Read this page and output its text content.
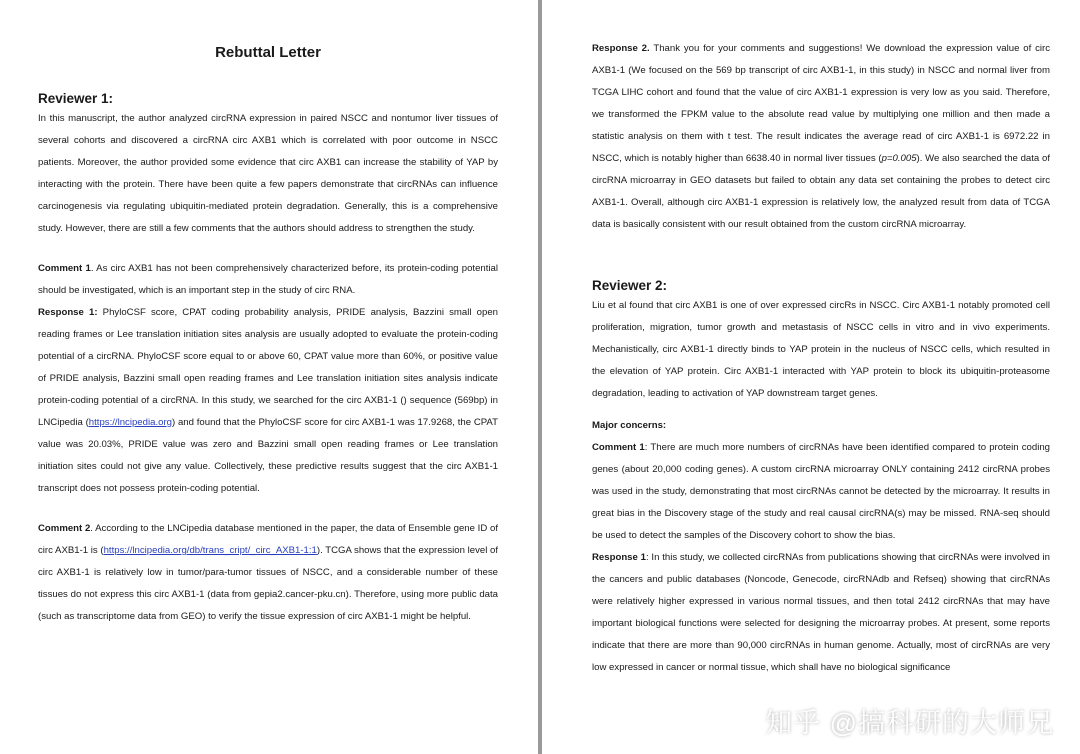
Rebuttal Letter
Reviewer 1:

In this manuscript, the author analyzed circRNA expression in paired NSCC and nontumor liver tissues of several cohorts and discovered a circRNA circ AXB1 which is correlated with poor outcome in NSCC patients. Moreover, the author provided some evidence that circ AXB1 can increase the stability of YAP by interacting with the protein. There have been quite a few papers demonstrate that circRNAs can influence carcinogenesis via regulating ubiquitin-mediated protein degradation. Generally, this is a comprehensive study. However, there are still a few comments that the authors should address to strengthen the study.

Comment 1. As circ AXB1 has not been comprehensively characterized before, its protein-coding potential should be investigated, which is an important step in the study of circ RNA.

Response 1: PhyloCSF score, CPAT coding probability analysis, PRIDE analysis, Bazzini small open reading frames or Lee translation initiation sites analysis are usually adopted to evaluate the protein-coding potential of a circRNA. PhyloCSF score equal to or above 60, CPAT value more than 60%, or positive value of PRIDE analysis, Bazzini small open reading frames and Lee translation initiation sites analysis indicate protein-coding potential of a circRNA. In this study, we searched for the circ AXB1-1 () sequence (569bp) in LNCipedia (https://lncipedia.org) and found that the PhyloCSF score for circ AXB1-1 was 17.9268, the CPAT value was 20.03%, PRIDE value was zero and Bazzini small open reading frames or Lee translation initiation sites could not give any value. Collectively, these predictive results suggest that the circ AXB1-1 transcript does not possess protein-coding potential.

Comment 2. According to the LNCipedia database mentioned in the paper, the data of Ensemble gene ID of circ AXB1-1 is (https://lncipedia.org/db/trans_cript/_circ_AXB1-1:1). TCGA shows that the expression level of circ AXB1-1 is relatively low in tumor/para-tumor tissues of NSCC, and a considerable number of these tissues do not express this circ AXB1-1 (data from gepia2.cancer-pku.cn). Therefore, using more public data (such as transcriptome data from GEO) to verify the tissue expression of circ AXB1-1 might be helpful.

Response 2. Thank you for your comments and suggestions! We download the expression value of circ AXB1-1 (We focused on the 569 bp transcript of circ AXB1-1, in this study) in NSCC and normal liver from TCGA LIHC cohort and found that the value of circ AXB1-1 expression is very low as you said. Therefore, we transformed the FPKM value to the absolute read value by multiplying one million and then made a statistic analysis on them with t test. The result indicates the average read of circ AXB1-1 is 6972.22 in NSCC, which is notably higher than 6638.40 in normal liver tissues (p=0.005). We also searched the data of circRNA microarray in GEO datasets but failed to obtain any data set containing the probes to detect circ AXB1-1. Overall, although circ AXB1-1 expression is relatively low, the analyzed result from data of TCGA data is basically consistent with our result obtained from the custom circRNA microarray.

Reviewer 2:

Liu et al found that circ AXB1 is one of over expressed circRs in NSCC. Circ AXB1-1 notably promoted cell proliferation, migration, tumor growth and metastasis of NSCC cells in vitro and in vivo experiments. Mechanistically, circ AXB1-1 directly binds to YAP protein in the nucleus of NSCC cells, which resulted in the elevation of YAP protein. Circ AXB1-1 interacted with YAP protein to block its ubiquitin-proteasome degradation, leading to activation of YAP downstream target genes.

Major concerns:

Comment 1: There are much more numbers of circRNAs have been identified compared to protein coding genes (about 20,000 coding genes). A custom circRNA microarray ONLY containing 2412 circRNA probes was used in the study, demonstrating that most circRNAs cannot be detected by the microarray. It results in great bias in the Discovery stage of the study and real causal circRNA(s) may be missed. RNA-seq should be used to detect the samples of the Discovery cohort to show the bias.

Response 1: In this study, we collected circRNAs from publications showing that circRNAs were involved in the cancers and public databases (Noncode, Genecode, circRNAdb and Refseq) showing that circRNAs were relatively higher expressed in various normal tissues, and then total 2412 circRNAs that may have important biological functions were selected for designing the microarray probes. At present, some reports indicate that there are more than 90,000 circRNAs in human genome. Actually, most of circRNAs are very low expressed in cancer or normal tissue, which shall have no biological significance

知乎 @搞科研的大师兄
